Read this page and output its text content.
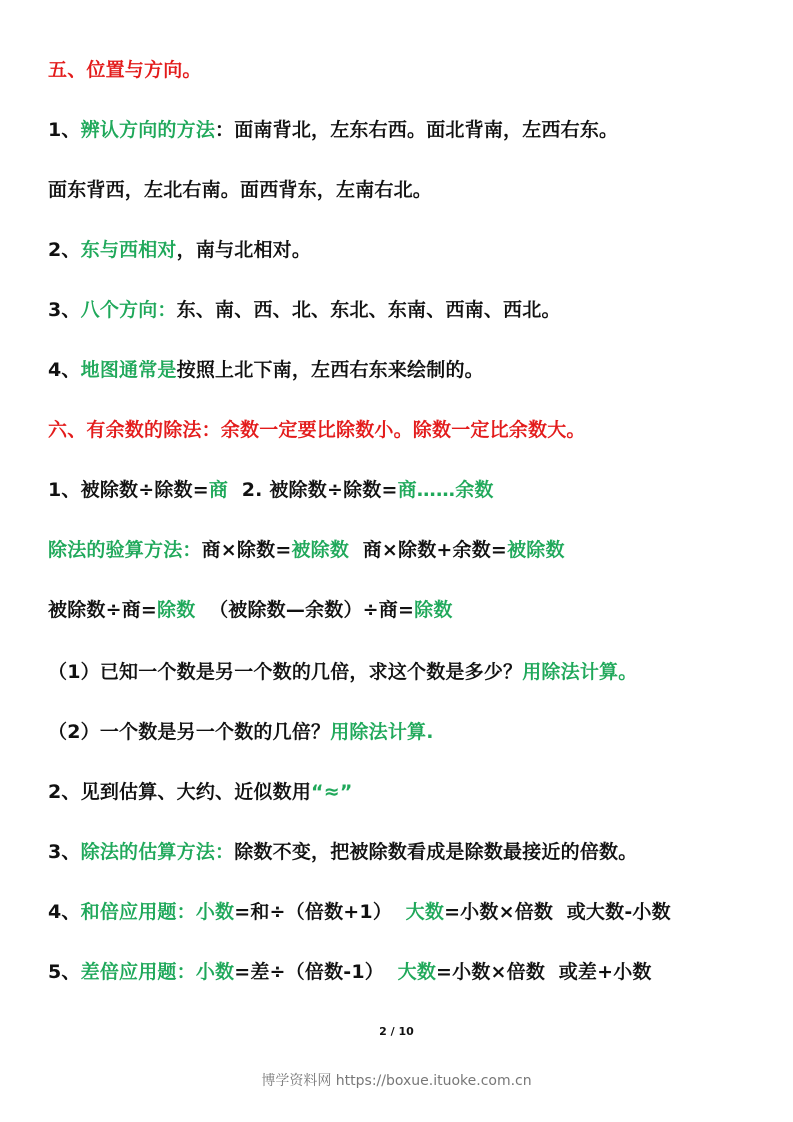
五、位置与方向。
1、辨认方向的方法：面南背北，左东右西。面北背南，左西右东。
面东背西，左北右南。面西背东，左南右北。
2、东与西相对，南与北相对。
3、八个方向：东、南、西、北、东北、东南、西南、西北。
4、地图通常是按照上北下南，左西右东来绘制的。
六、有余数的除法：余数一定要比除数小。除数一定比余数大。
1、被除数÷除数=商  2. 被除数÷除数=商……余数
除法的验算方法：商×除数=被除数  商×除数+余数=被除数
被除数÷商=除数  （被除数—余数）÷商=除数
（1）已知一个数是另一个数的几倍，求这个数是多少？用除法计算。
（2）一个数是另一个数的几倍？用除法计算.
2、见到估算、大约、近似数用“≈”
3、除法的估算方法：除数不变，把被除数看成是除数最接近的倍数。
4、和倍应用题：小数=和÷（倍数+1）  大数=小数×倍数  或大数-小数
5、差倍应用题：小数=差÷（倍数-1）  大数=小数×倍数  或差+小数
2 / 10
博学资料网 https://boxue.ituoke.com.cn
